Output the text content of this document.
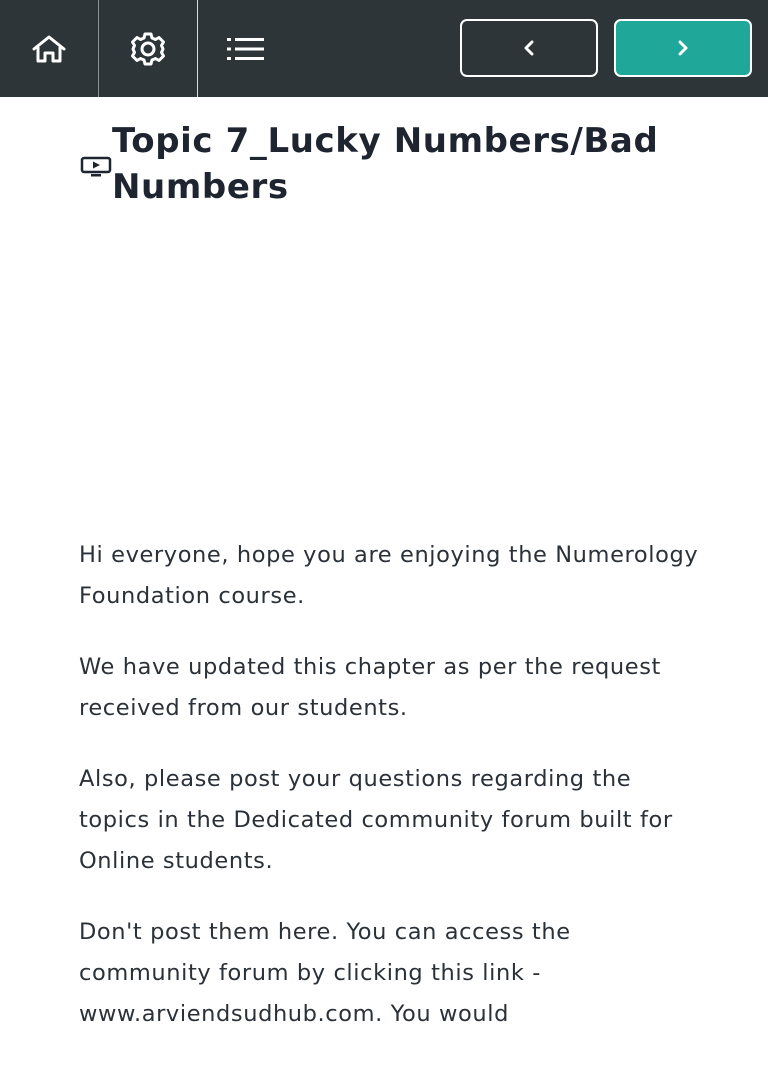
Topic 7_Lucky Numbers/Bad Numbers

Hi everyone, hope you are enjoying the Numerology Foundation course.

We have updated this chapter as per the request received from our students.

Also, please post your questions regarding the topics in the Dedicated community forum built for Online students.

Don't post them here. You can access the community forum by clicking this link - www.arviendsudhub.com. You would
